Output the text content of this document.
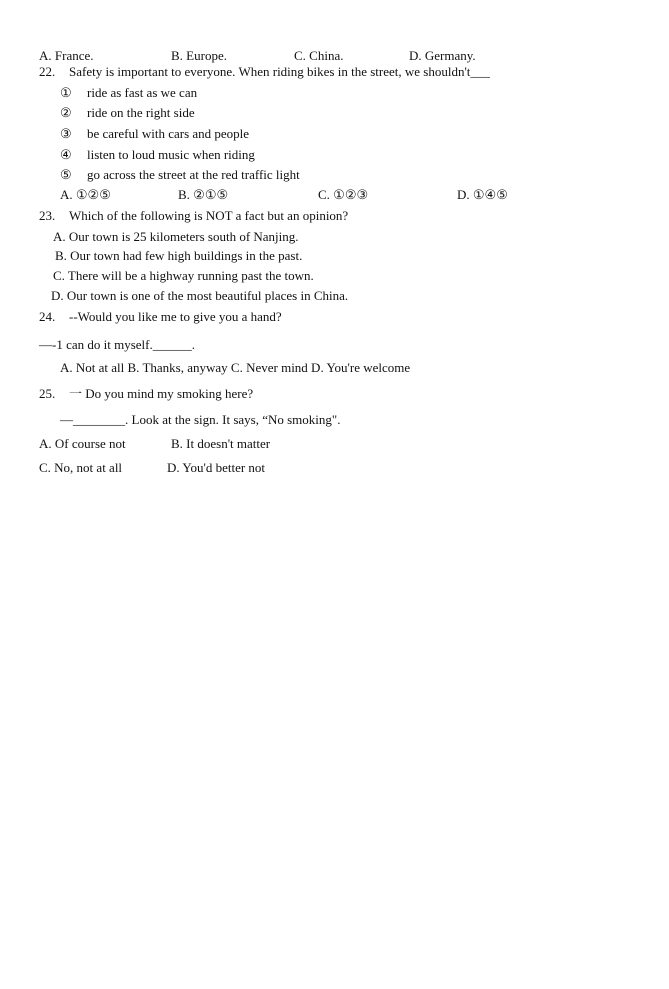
A. France.	B. Europe.	C. China.	D. Germany.
22. Safety is important to everyone. When riding bikes in the street, we shouldn't___
① ride as fast as we can
② ride on the right side
③ be careful with cars and people
④ listen to loud music when riding
⑤ go across the street at the red traffic light
A. ①②⑤	B. ②①⑤	C. ①②③	D. ①④⑤
23. Which of the following is NOT a fact but an opinion?
A. Our town is 25 kilometers south of Nanjing.
B. Our town had few high buildings in the past.
C. There will be a highway running past the town.
D. Our town is one of the most beautiful places in China.
24. --Would you like me to give you a hand?
—-1 can do it myself.______.
A. Not at all B. Thanks, anyway C. Never mind D. You're welcome
25. 一 Do you mind my smoking here?
—________. Look at the sign. It says, “No smoking".
A. Of course not	B. It doesn't matter
C. No, not at all	D. You'd better not
